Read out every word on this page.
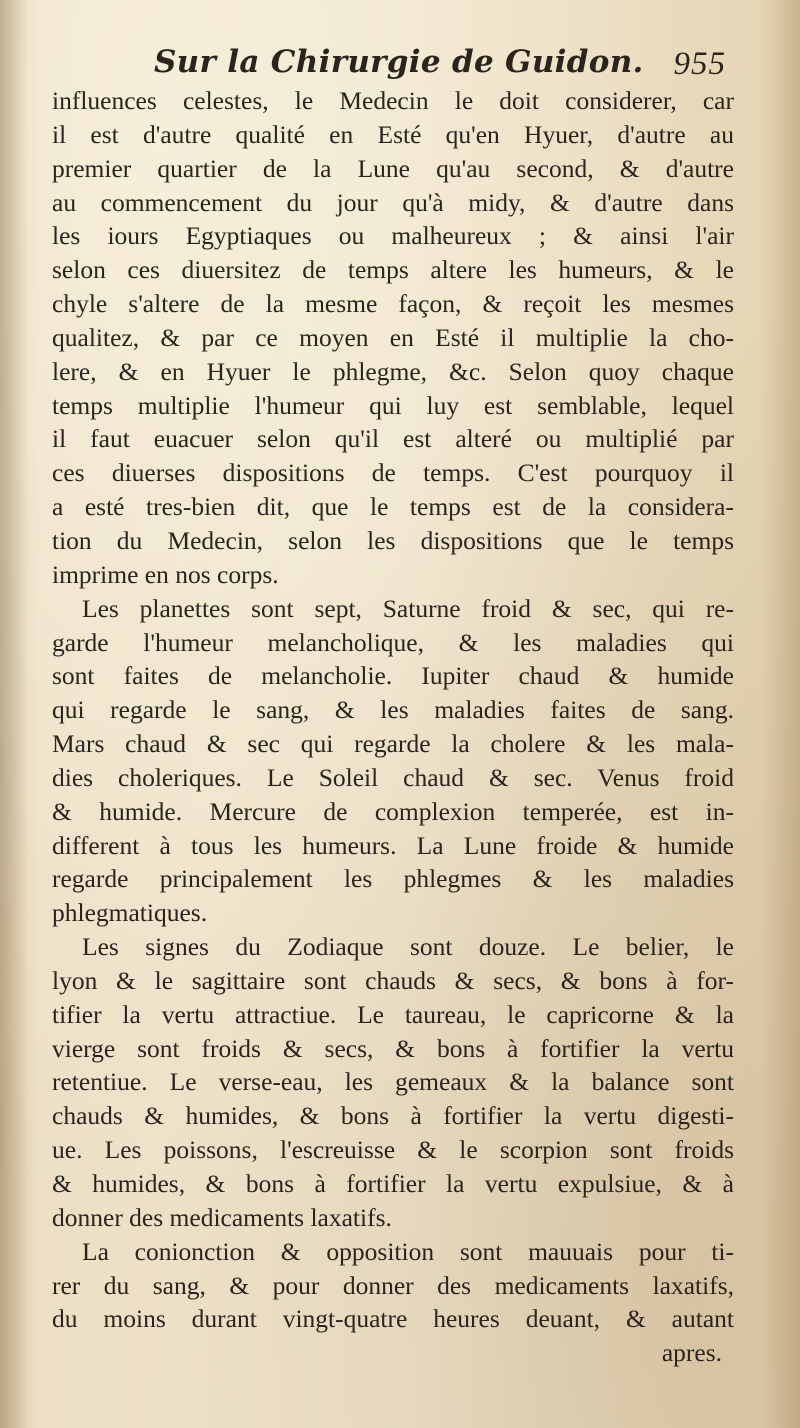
Sur la Chirurgie de Guidon. 955
influences celestes, le Medecin le doit considerer, car
il est d'autre qualité en Esté qu'en Hyuer, d'autre au
premier quartier de la Lune qu'au second, & d'autre
au commencement du jour qu'à midy, & d'autre dans
les iours Egyptiaques ou malheureux ; & ainsi l'air
selon ces diuersitez de temps altere les humeurs, & le
chyle s'altere de la mesme façon, & reçoit les mesmes
qualitez, & par ce moyen en Esté il multiplie la cho-
lere, & en Hyuer le phlegme, &c. Selon quoy chaque
temps multiplie l'humeur qui luy est semblable, lequel
il faut euacuer selon qu'il est alteré ou multiplié par
ces diuerses dispositions de temps. C'est pourquoy il
a esté tres-bien dit, que le temps est de la considera-
tion du Medecin, selon les dispositions que le temps
imprime en nos corps.
Les planettes sont sept, Saturne froid & sec, qui re-
garde l'humeur melancholique, & les maladies qui
sont faites de melancholie. Iupiter chaud & humide
qui regarde le sang, & les maladies faites de sang.
Mars chaud & sec qui regarde la cholere & les mala-
dies choleriques. Le Soleil chaud & sec. Venus froid
& humide. Mercure de complexion temperée, est in-
different à tous les humeurs. La Lune froide & humide
regarde principalement les phlegmes & les maladies
phlegmatiques.
Les signes du Zodiaque sont douze. Le belier, le
lyon & le sagittaire sont chauds & secs, & bons à for-
tifier la vertu attractiue. Le taureau, le capricorne & la
vierge sont froids & secs, & bons à fortifier la vertu
retentiue. Le verse-eau, les gemeaux & la balance sont
chauds & humides, & bons à fortifier la vertu digesti-
ue. Les poissons, l'escreuisse & le scorpion sont froids
& humides, & bons à fortifier la vertu expulsiue, & à
donner des medicaments laxatifs.
La conionction & opposition sont mauuais pour ti-
rer du sang, & pour donner des medicaments laxatifs,
du moins durant vingt-quatre heures deuant, & autant
apres.
